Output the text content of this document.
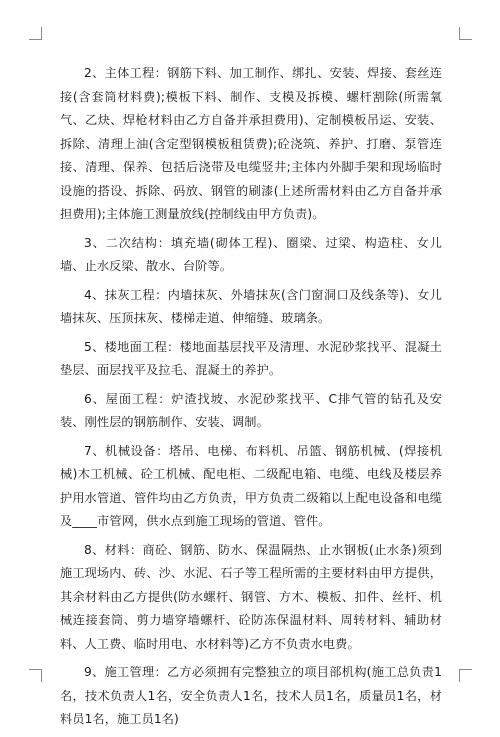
2、主体工程：钢筋下料、加工制作、绑扎、安装、焊接、套丝连接(含套筒材料费);模板下料、制作、支模及拆模、螺杆割除(所需氧气、乙炔、焊枪材料由乙方自备并承担费用)、定制模板吊运、安装、拆除、清理上油(含定型钢模板租赁费);砼浇筑、养护、打磨、泵管连接、清理、保养、包括后浇带及电缆竖井;主体内外脚手架和现场临时设施的搭设、拆除、码放、钢管的刷漆(上述所需材料由乙方自备并承担费用);主体施工测量放线(控制线由甲方负责)。

3、二次结构：填充墙(砌体工程)、圈梁、过梁、构造柱、女儿墙、止水反梁、散水、台阶等。

4、抹灰工程：内墙抹灰、外墙抹灰(含门窗洞口及线条等)、女儿墙抹灰、压顶抹灰、楼梯走道、伸缩缝、玻璃条。

5、楼地面工程：楼地面基层找平及清理、水泥砂浆找平、混凝土垫层、面层找平及拉毛、混凝土的养护。

6、屋面工程：炉渣找坡、水泥砂浆找平、C排气管的钻孔及安装、刚性层的钢筋制作、安装、调制。

7、机械设备：塔吊、电梯、布料机、吊篮、钢筋机械、(焊接机械)木工机械、砼工机械、配电柜、二级配电箱、电缆、电线及楼层养护用水管道、管件均由乙方负责，甲方负责二级箱以上配电设备和电缆及____市管网，供水点到施工现场的管道、管件。

8、材料：商砼、钢筋、防水、保温隔热、止水钢板(止水条)须到施工现场内、砖、沙、水泥、石子等工程所需的主要材料由甲方提供，其余材料由乙方提供(防水螺杆、钢管、方木、模板、扣件、丝杆、机械连接套筒、剪力墙穿墙螺杆、砼防冻保温材料、周转材料、辅助材料、人工费、临时用电、水材料等)乙方不负责水电费。

9、施工管理：乙方必须拥有完整独立的项目部机构(施工总负责1名，技术负责人1名，安全负责人1名，技术人员1名，质量员1名，材料员1名，施工员1名)
